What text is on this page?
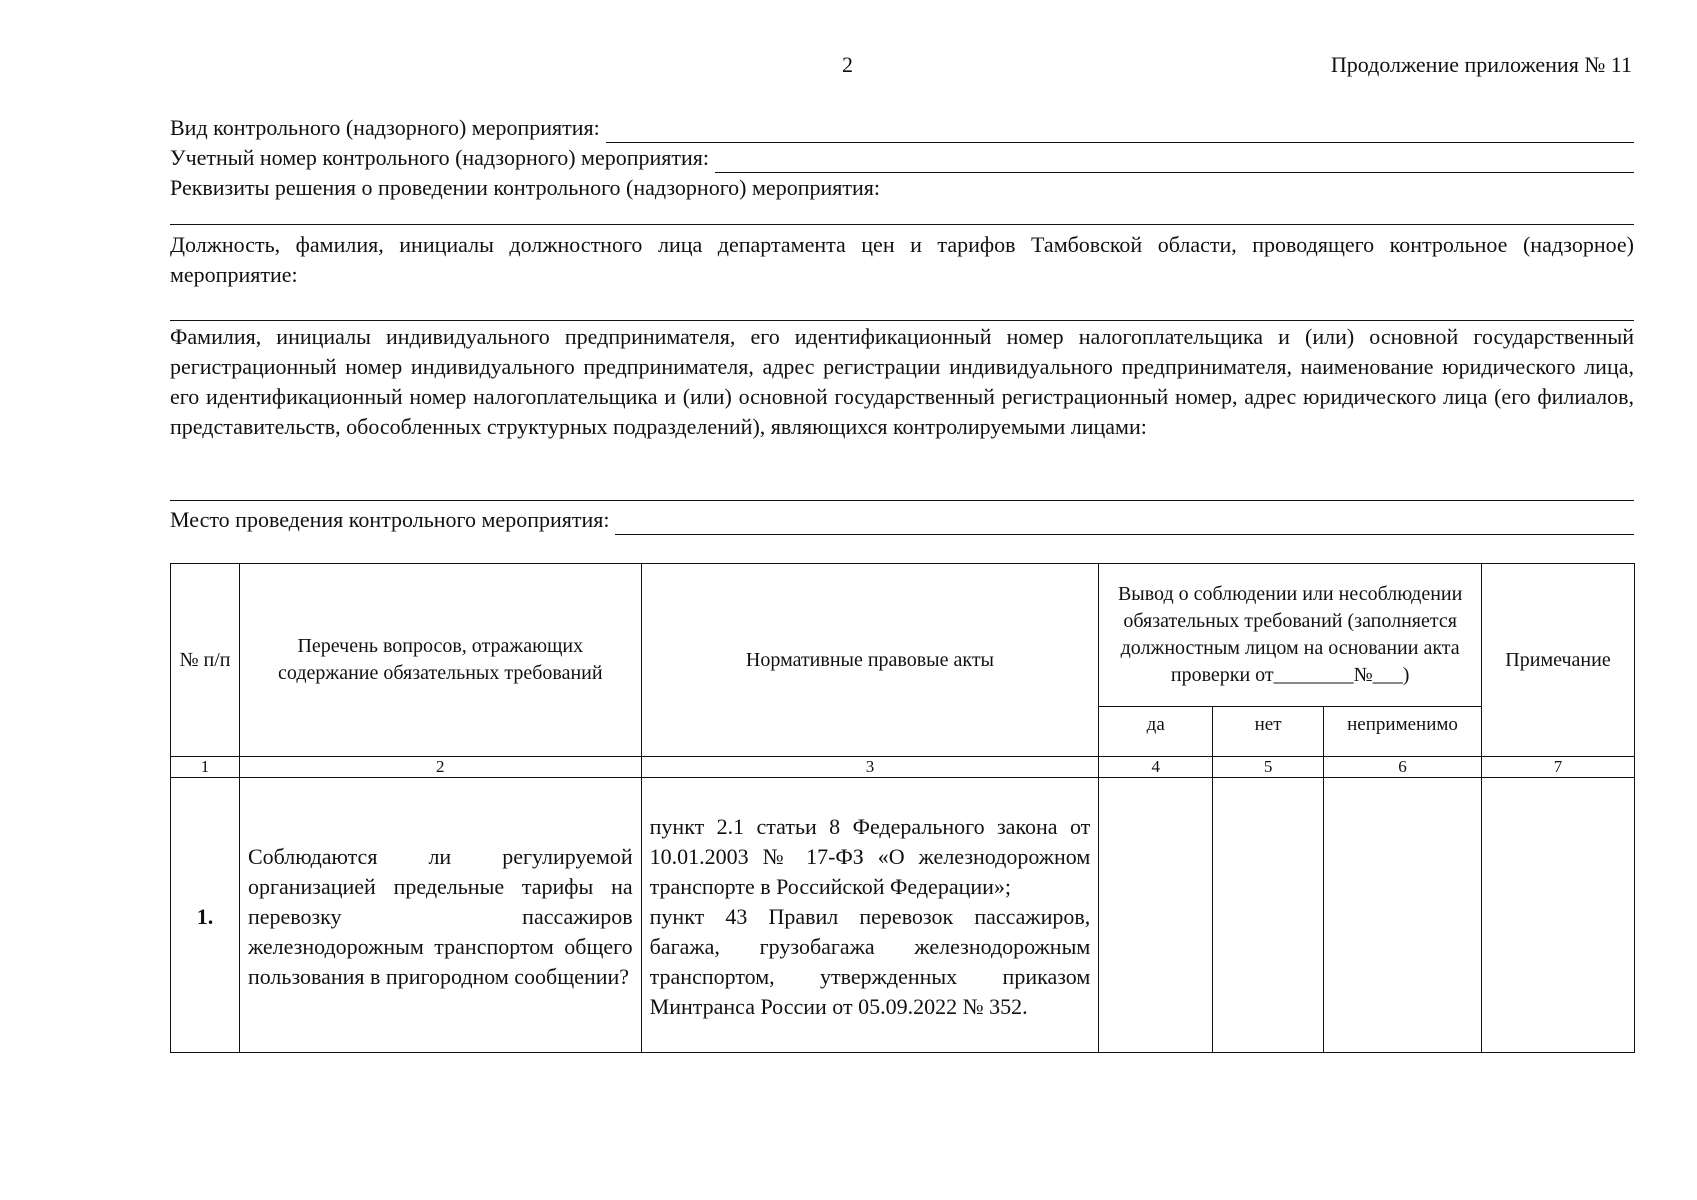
2	Продолжение приложения № 11
Вид контрольного (надзорного) мероприятия:
Учетный номер контрольного (надзорного) мероприятия:
Реквизиты решения о проведении контрольного (надзорного) мероприятия:
Должность, фамилия, инициалы должностного лица департамента цен и тарифов Тамбовской области, проводящего контрольное (надзорное) мероприятие:
Фамилия, инициалы индивидуального предпринимателя, его идентификационный номер налогоплательщика и (или) основной государственный регистрационный номер индивидуального предпринимателя, адрес регистрации индивидуального предпринимателя, наименование юридического лица, его идентификационный номер налогоплательщика и (или) основной государственный регистрационный номер, адрес юридического лица (его филиалов, представительств, обособленных структурных подразделений), являющихся контролируемыми лицами:
Место проведения контрольного мероприятия:
№ п/п	Перечень вопросов, отражающих содержание обязательных требований	Нормативные правовые акты	Вывод о соблюдении или несоблюдении обязательных требований (заполняется должностным лицом на основании акта проверки от________№___)			Примечание
			да	нет	неприменимо	
1	2	3	4	5	6	7
1.	Соблюдаются ли регулируемой организацией предельные тарифы на перевозку пассажиров железнодорожным транспортом общего пользования в пригородном сообщении?	пункт 2.1 статьи 8 Федерального закона от 10.01.2003 № 17-ФЗ «О железнодорожном транспорте в Российской Федерации»;
пункт 43 Правил перевозок пассажиров, багажа, грузобагажа железнодорожным транспортом, утвержденных приказом Минтранса России от 05.09.2022 № 352.				
